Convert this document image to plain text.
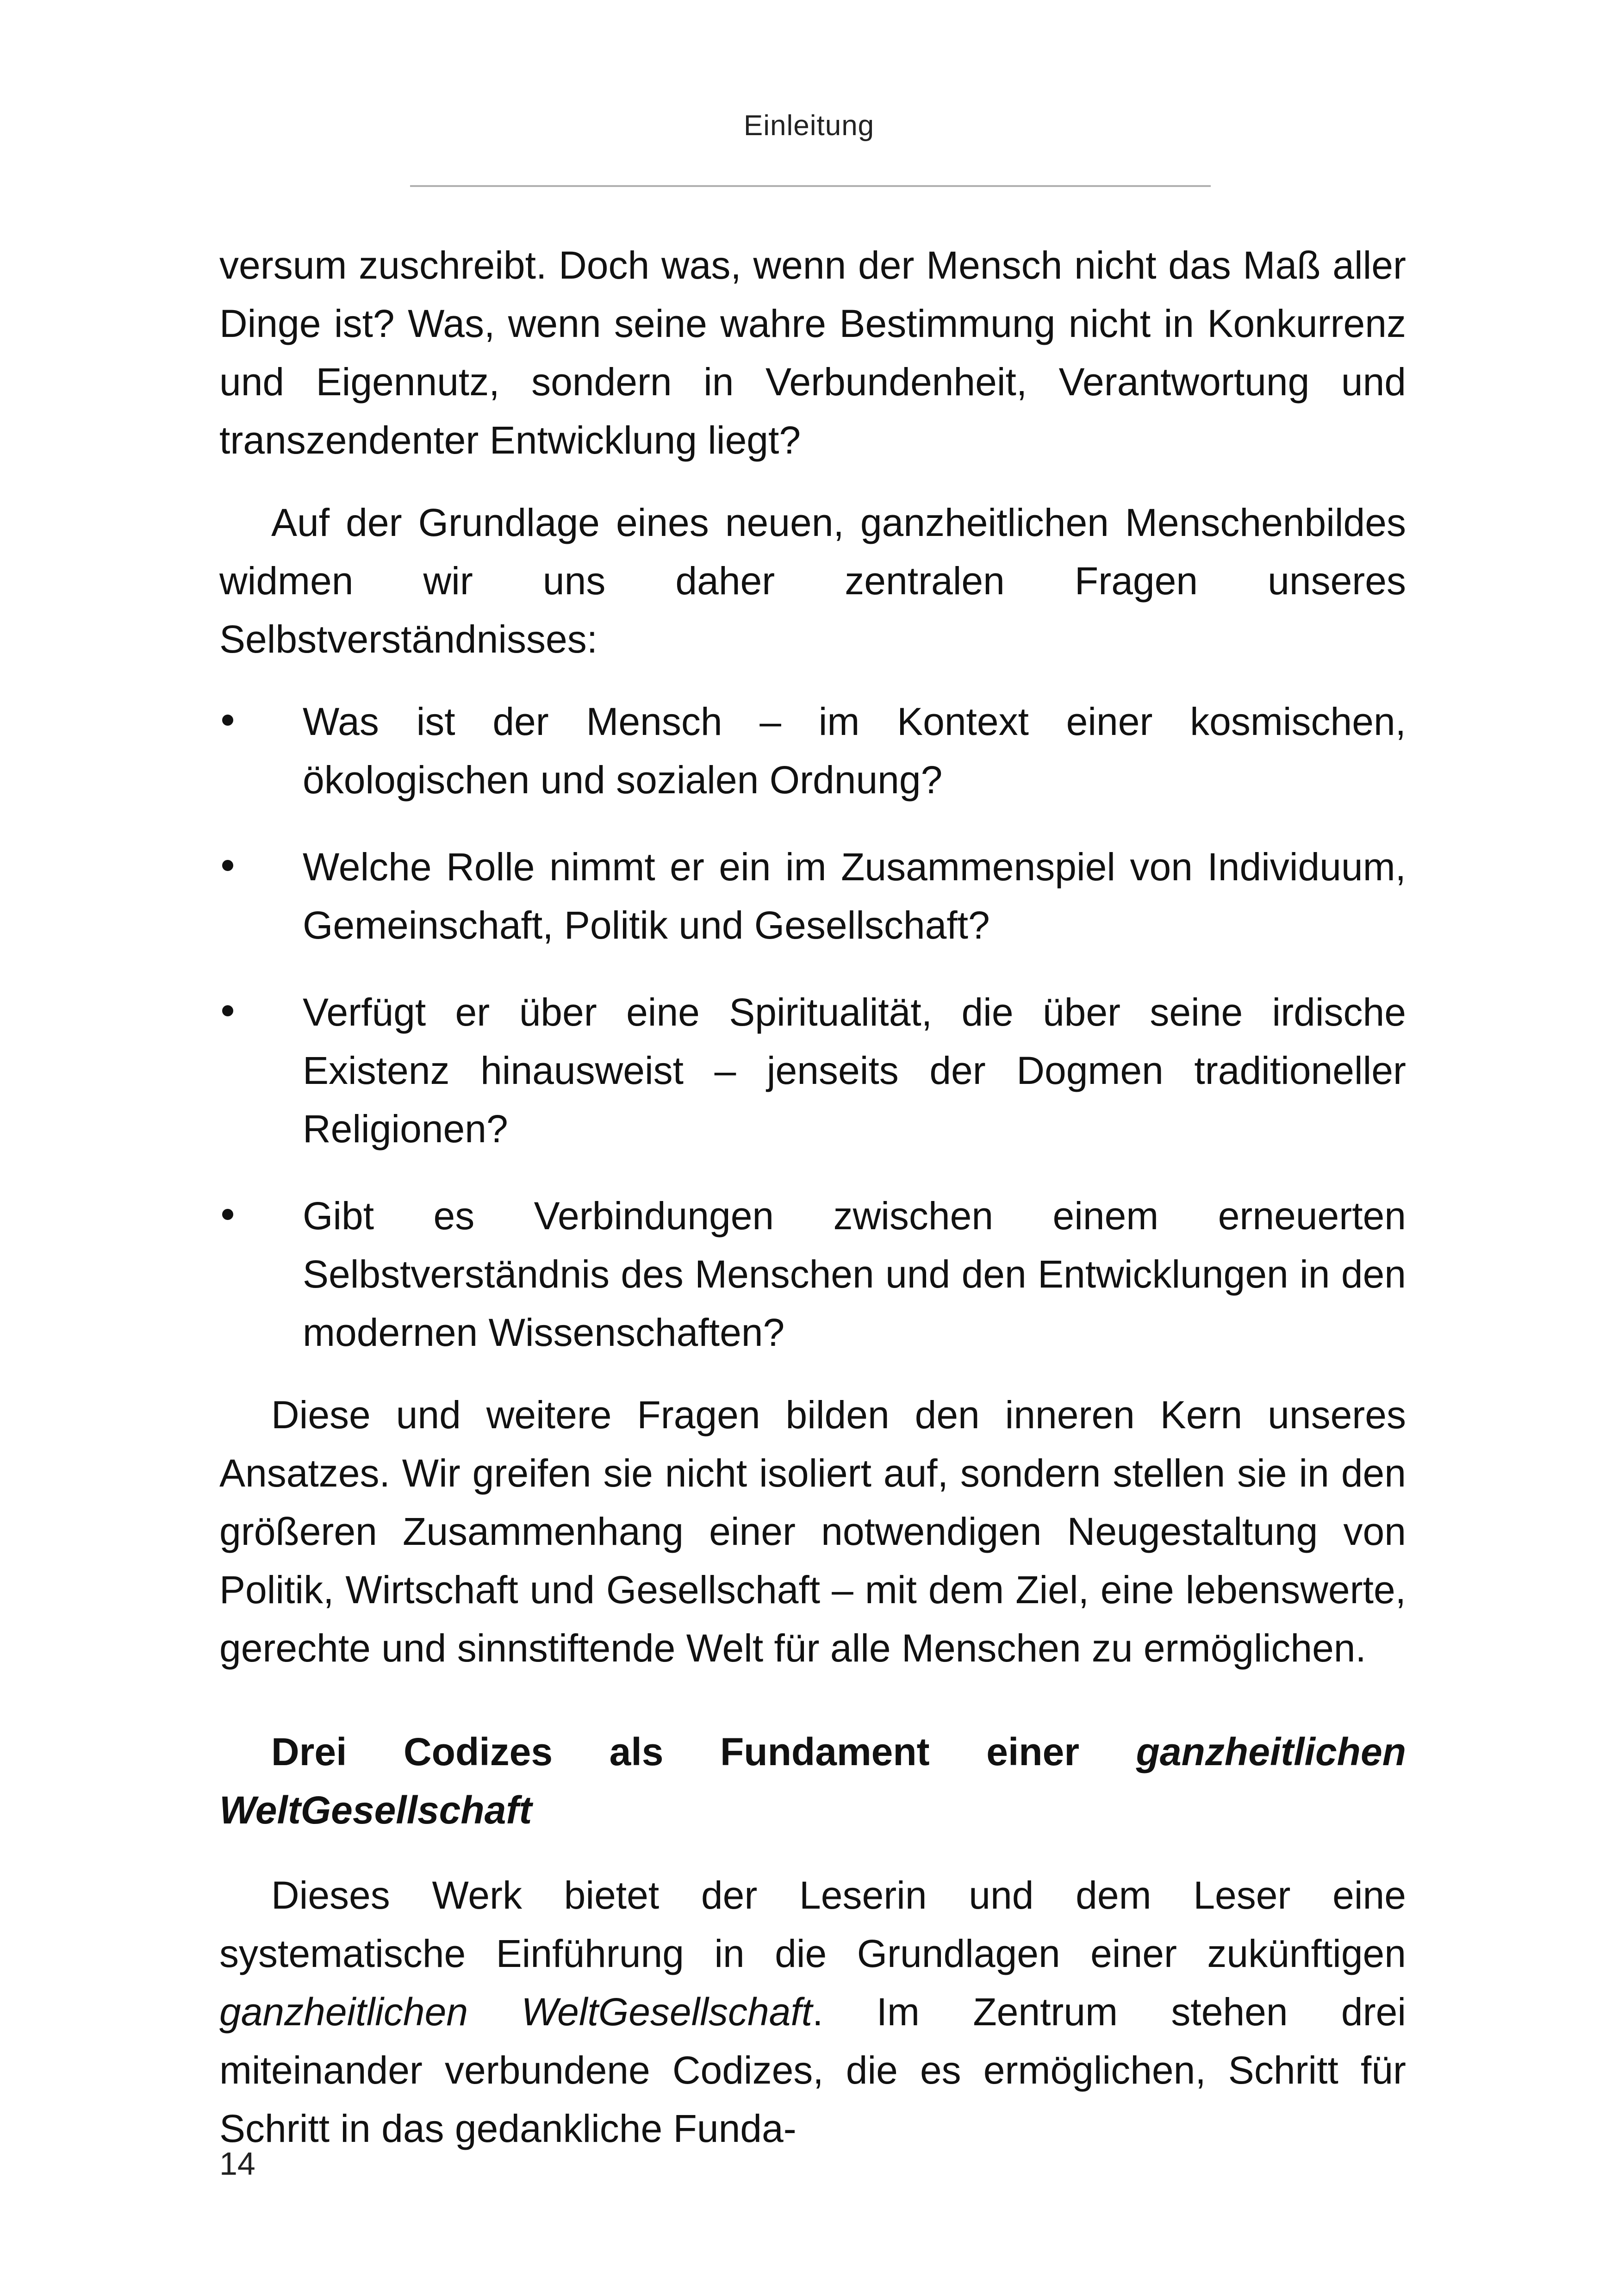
Einleitung

versum zuschreibt. Doch was, wenn der Mensch nicht das Maß aller Dinge ist? Was, wenn seine wahre Bestimmung nicht in Konkurrenz und Eigennutz, sondern in Verbundenheit, Verantwortung und transzendenter Entwicklung liegt?

Auf der Grundlage eines neuen, ganzheitlichen Menschenbildes widmen wir uns daher zentralen Fragen unseres Selbstverständnisses:

Was ist der Mensch – im Kontext einer kosmischen, ökologischen und sozialen Ordnung?
Welche Rolle nimmt er ein im Zusammenspiel von Individuum, Gemeinschaft, Politik und Gesellschaft?
Verfügt er über eine Spiritualität, die über seine irdische Existenz hinausweist – jenseits der Dogmen traditioneller Religionen?
Gibt es Verbindungen zwischen einem erneuerten Selbstverständnis des Menschen und den Entwicklungen in den modernen Wissenschaften?

Diese und weitere Fragen bilden den inneren Kern unseres Ansatzes. Wir greifen sie nicht isoliert auf, sondern stellen sie in den größeren Zusammenhang einer notwendigen Neugestaltung von Politik, Wirtschaft und Gesellschaft – mit dem Ziel, eine lebenswerte, gerechte und sinnstiftende Welt für alle Menschen zu ermöglichen.

Drei Codizes als Fundament einer ganzheitlichen WeltGesellschaft

Dieses Werk bietet der Leserin und dem Leser eine systematische Einführung in die Grundlagen einer zukünftigen ganzheitlichen WeltGesellschaft. Im Zentrum stehen drei miteinander verbundene Codizes, die es ermöglichen, Schritt für Schritt in das gedankliche Funda-

14
